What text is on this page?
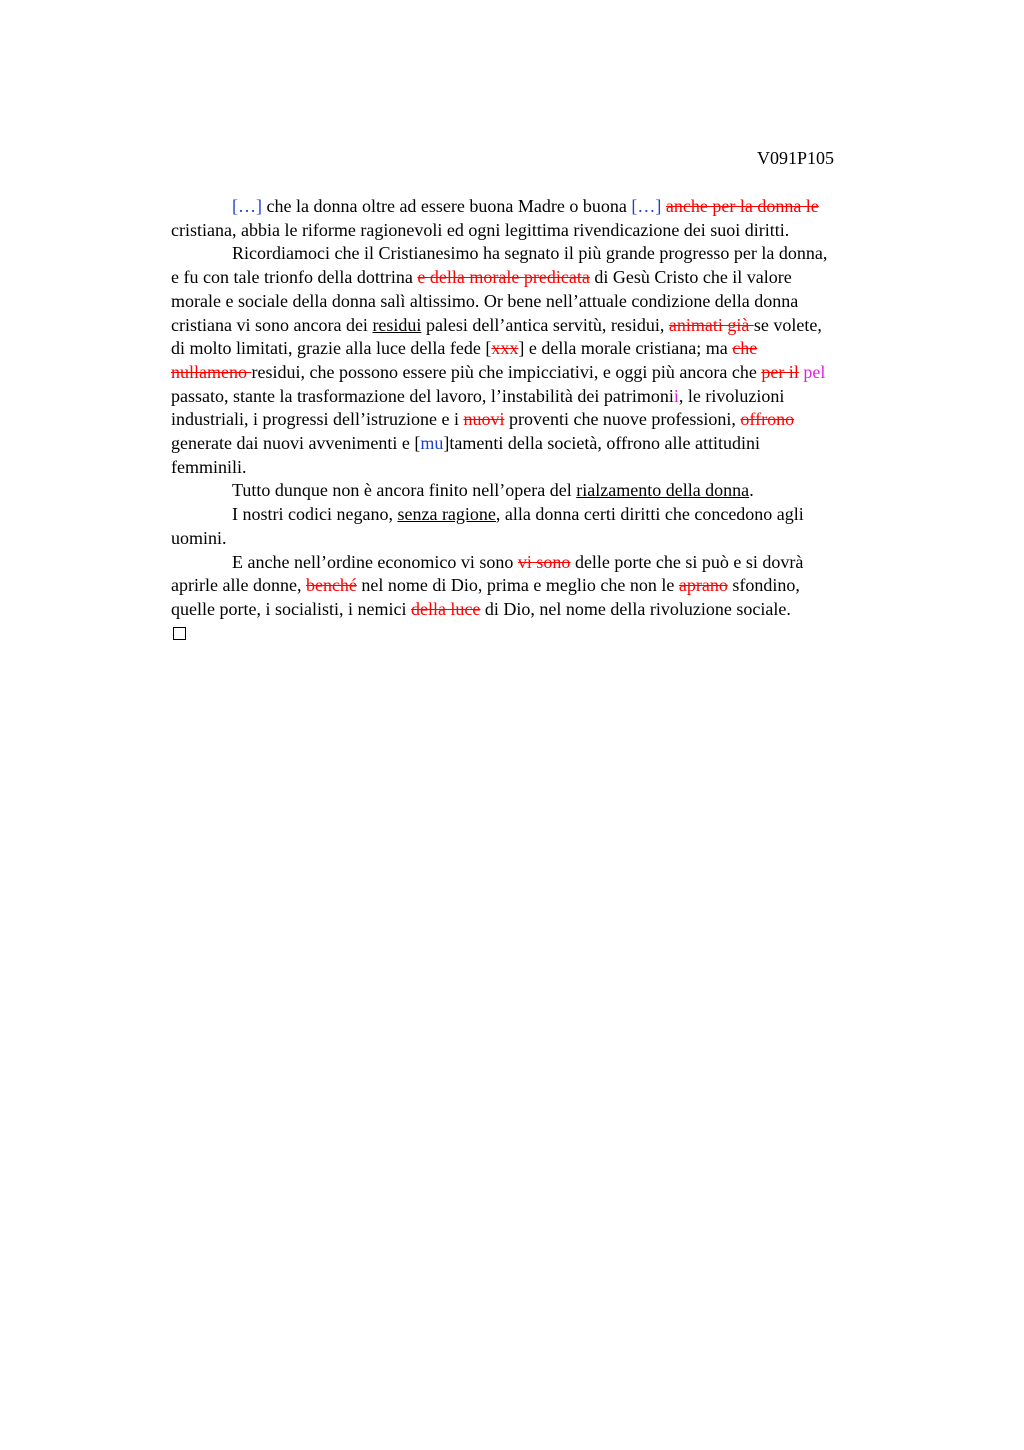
V091P105
[…] che la donna oltre ad essere buona Madre o buona […] anche per la donna le
cristiana, abbia le riforme ragionevoli ed ogni legittima rivendicazione dei suoi diritti.
Ricordiamoci che il Cristianesimo ha segnato il più grande progresso per la donna,
e fu con tale trionfo della dottrina e della morale predicata di Gesù Cristo che il valore
morale e sociale della donna salì altissimo. Or bene nell’attuale condizione della donna
cristiana vi sono ancora dei residui palesi dell’antica servitù, residui, animati già se volete,
di molto limitati, grazie alla luce della fede [xxx] e della morale cristiana; ma che
nullameno residui, che possono essere più che impicciativi, e oggi più ancora che per il pel
passato, stante la trasformazione del lavoro, l’instabilità dei patrimonii, le rivoluzioni
industriali, i progressi dell’istruzione e i nuovi proventi che nuove professioni, offrono
generate dai nuovi avvenimenti e [mu]tamenti della società, offrono alle attitudini
femminili.
Tutto dunque non è ancora finito nell’opera del rialzamento della donna.
I nostri codici negano, senza ragione, alla donna certi diritti che concedono agli
uomini.
E anche nell’ordine economico vi sono vi sono delle porte che si può e si dovrà
aprirle alle donne, benché nel nome di Dio, prima e meglio che non le aprano sfondino,
quelle porte, i socialisti, i nemici della luce di Dio, nel nome della rivoluzione sociale.
